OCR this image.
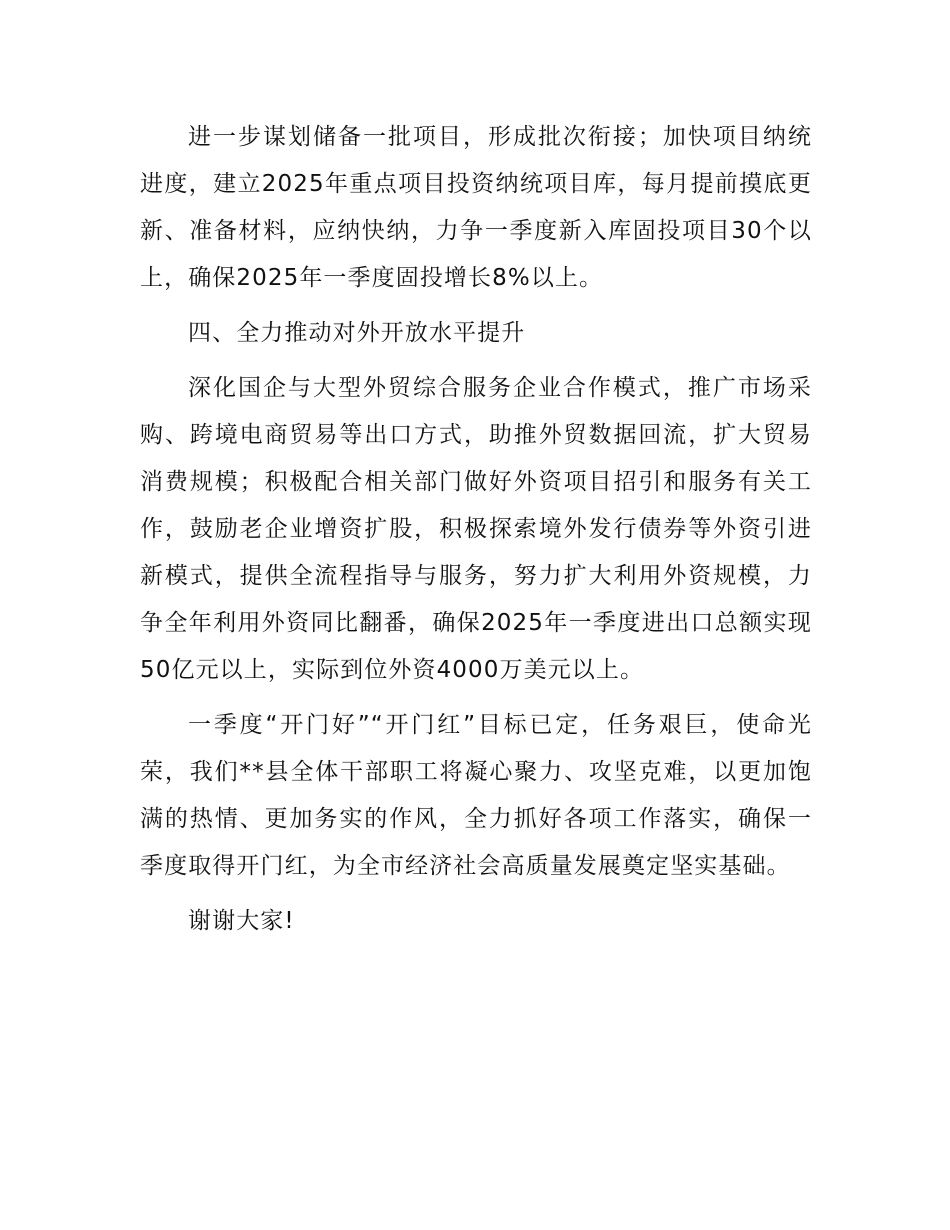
进一步谋划储备一批项目，形成批次衔接；加快项目纳统进度，建立2025年重点项目投资纳统项目库，每月提前摸底更新、准备材料，应纳快纳，力争一季度新入库固投项目30个以上，确保2025年一季度固投增长8%以上。

四、全力推动对外开放水平提升

深化国企与大型外贸综合服务企业合作模式，推广市场采购、跨境电商贸易等出口方式，助推外贸数据回流，扩大贸易消费规模；积极配合相关部门做好外资项目招引和服务有关工作，鼓励老企业增资扩股，积极探索境外发行债券等外资引进新模式，提供全流程指导与服务，努力扩大利用外资规模，力争全年利用外资同比翻番，确保2025年一季度进出口总额实现50亿元以上，实际到位外资4000万美元以上。

一季度“开门好”“开门红”目标已定，任务艰巨，使命光荣，我们**县全体干部职工将凝心聚力、攻坚克难，以更加饱满的热情、更加务实的作风，全力抓好各项工作落实，确保一季度取得开门红，为全市经济社会高质量发展奠定坚实基础。

谢谢大家!
